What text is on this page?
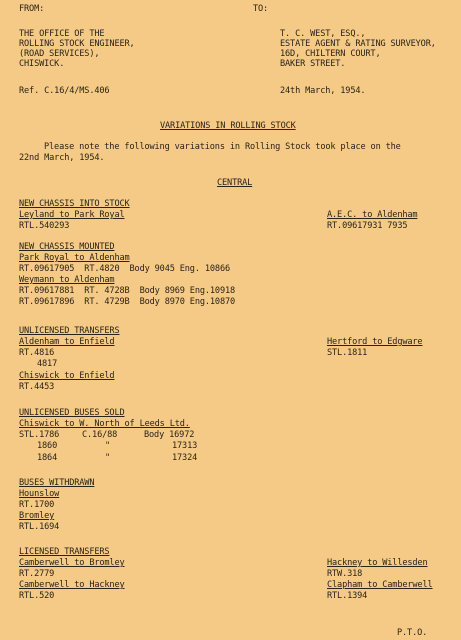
FROM:	TO:
THE OFFICE OF THE
ROLLING STOCK ENGINEER,
(ROAD SERVICES),
CHISWICK.
T. C. WEST, ESQ.,
ESTATE AGENT & RATING SURVEYOR,
16D, CHILTERN COURT,
BAKER STREET.
Ref. C.16/4/MS.406	24th March, 1954.
VARIATIONS IN ROLLING STOCK
Please note the following variations in Rolling Stock took place on the
22nd March, 1954.
CENTRAL
NEW CHASSIS INTO STOCK
Leyland to Park Royal
RTL.540293
A.E.C. to Aldenham
RT.09617931 7935
NEW CHASSIS MOUNTED
Park Royal to Aldenham
RT.09617905  RT.4820  Body 9045 Eng. 10866
Weymann to Aldenham
RT.09617881  RT. 4728B  Body 8969 Eng.10918
RT.09617896  RT. 4729B  Body 8970 Eng.10870
UNLICENSED TRANSFERS
Aldenham to Enfield
RT.4816
4817
Chiswick to Enfield
RT.4453
Hertford to Edgware
STL.1811
UNLICENSED BUSES SOLD
Chiswick to W. North of Leeds Ltd.
STL.1786	C.16/88	Body 16972
1860	"	17313
1864	"	17324
BUSES WITHDRAWN
Hounslow
RT.1700
Bromley
RTL.1694
LICENSED TRANSFERS
Camberwell to Bromley
RT.2779
Camberwell to Hackney
RTL.520
Hackney to Willesden
RTW.318
Clapham to Camberwell
RTL.1394
P.T.O.
